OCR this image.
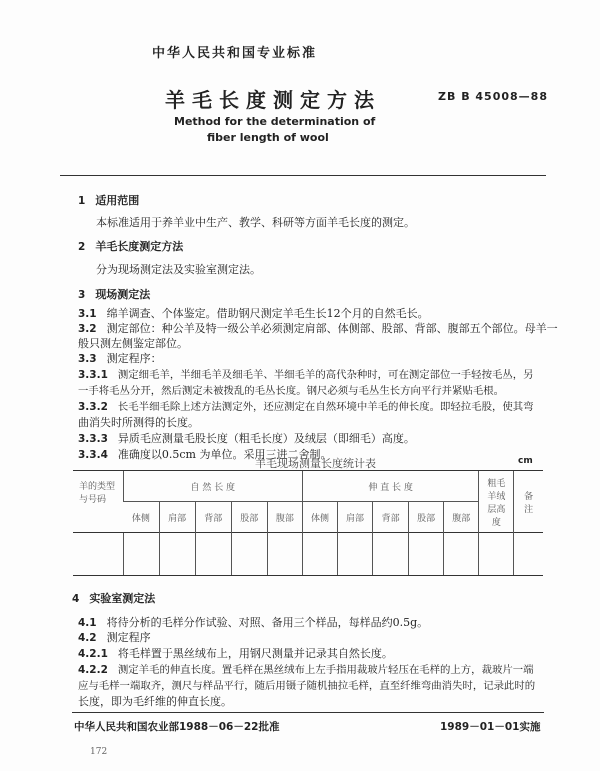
中华人民共和国专业标准
羊毛长度测定方法	ZB B 45008—88
Method for the determination of
fiber length of wool
1 适用范围
本标准适用于养羊业中生产、教学、科研等方面羊毛长度的测定。
2 羊毛长度测定方法
分为现场测定法及实验室测定法。
3 现场测定法
3.1 绵羊调查、个体鉴定。借助钢尺测定羊毛生长12个月的自然毛长。
3.2 测定部位：种公羊及特一级公羊必须测定肩部、体侧部、股部、背部、腹部五个部位。母羊一
般只测左侧鉴定部位。
3.3 测定程序：
3.3.1 测定细毛羊，半细毛羊及细毛羊、半细毛羊的高代杂种时，可在测定部位一手轻按毛丛，另
一手将毛丛分开，然后测定未被拨乱的毛丛长度。钢尺必须与毛丛生长方向平行并紧贴毛根。
3.3.2 长毛半细毛除上述方法测定外，还应测定在自然环境中羊毛的伸长度。即轻拉毛股，使其弯
曲消失时所测得的长度。
3.3.3 异质毛应测量毛股长度（粗毛长度）及绒层（即细毛）高度。
3.3.4 准确度以0.5cm 为单位。采用三进二舍制。
羊毛现场测量长度统计表	cm
羊的类型与号码	自 然 长 度					伸 直 长 度					粗毛羊绒层高度	备注
	体侧	肩部	背部	股部	腹部	体侧	肩部	背部	股部	腹部		

4 实验室测定法
4.1 将待分析的毛样分作试验、对照、备用三个样品，每样品约0.5g。
4.2 测定程序
4.2.1 将毛样置于黑丝绒布上，用钢尺测量并记录其自然长度。
4.2.2 测定羊毛的伸直长度。置毛样在黑丝绒布上左手指用裁玻片轻压在毛样的上方，裁玻片一端
应与毛样一端取齐，测尺与样品平行，随后用镊子随机抽拉毛样，直至纤维弯曲消失时，记录此时的
长度，即为毛纤维的伸直长度。
中华人民共和国农业部1988－06－22批准	1989－01－01实施
172
